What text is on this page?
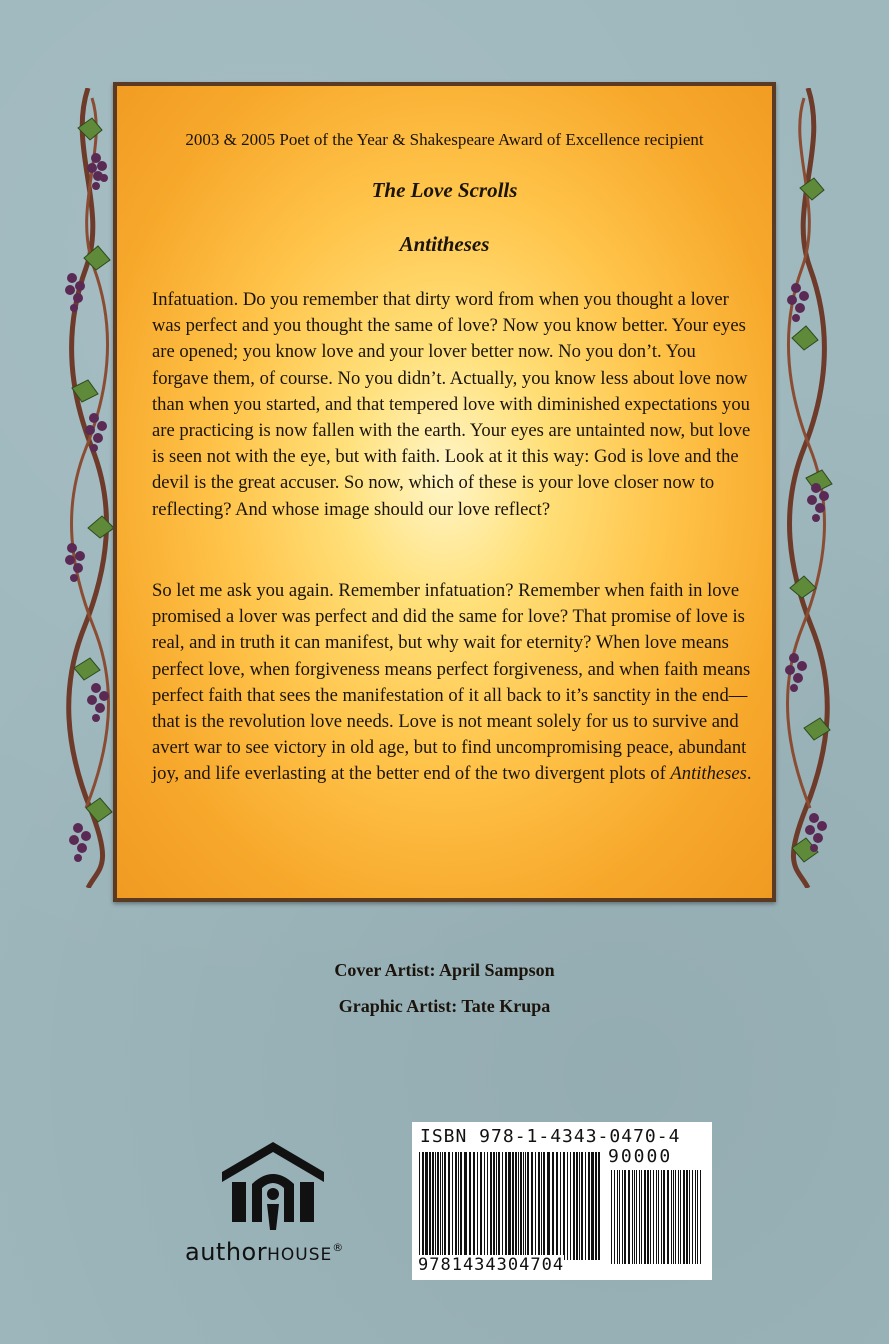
2003 & 2005 Poet of the Year & Shakespeare Award of Excellence recipient
The Love Scrolls
Antitheses

Infatuation. Do you remember that dirty word from when you thought a lover was perfect and you thought the same of love? Now you know better. Your eyes are opened; you know love and your lover better now. No you don’t. You forgave them, of course. No you didn’t. Actually, you know less about love now than when you started, and that tempered love with diminished expectations you are practicing is now fallen with the earth. Your eyes are untainted now, but love is seen not with the eye, but with faith. Look at it this way: God is love and the devil is the great accuser. So now, which of these is your love closer now to reflecting? And whose image should our love reflect?

So let me ask you again. Remember infatuation? Remember when faith in love promised a lover was perfect and did the same for love? That promise of love is real, and in truth it can manifest, but why wait for eternity? When love means perfect love, when forgiveness means perfect forgiveness, and when faith means perfect faith that sees the manifestation of it all back to it’s sanctity in the end—that is the revolution love needs. Love is not meant solely for us to survive and avert war to see victory in old age, but to find uncompromising peace, abundant joy, and life everlasting at the better end of the two divergent plots of Antitheses.

Cover Artist: April Sampson
Graphic Artist: Tate Krupa
authorHOUSE®
ISBN 978-1-4343-0470-4
90000
9781434304704
